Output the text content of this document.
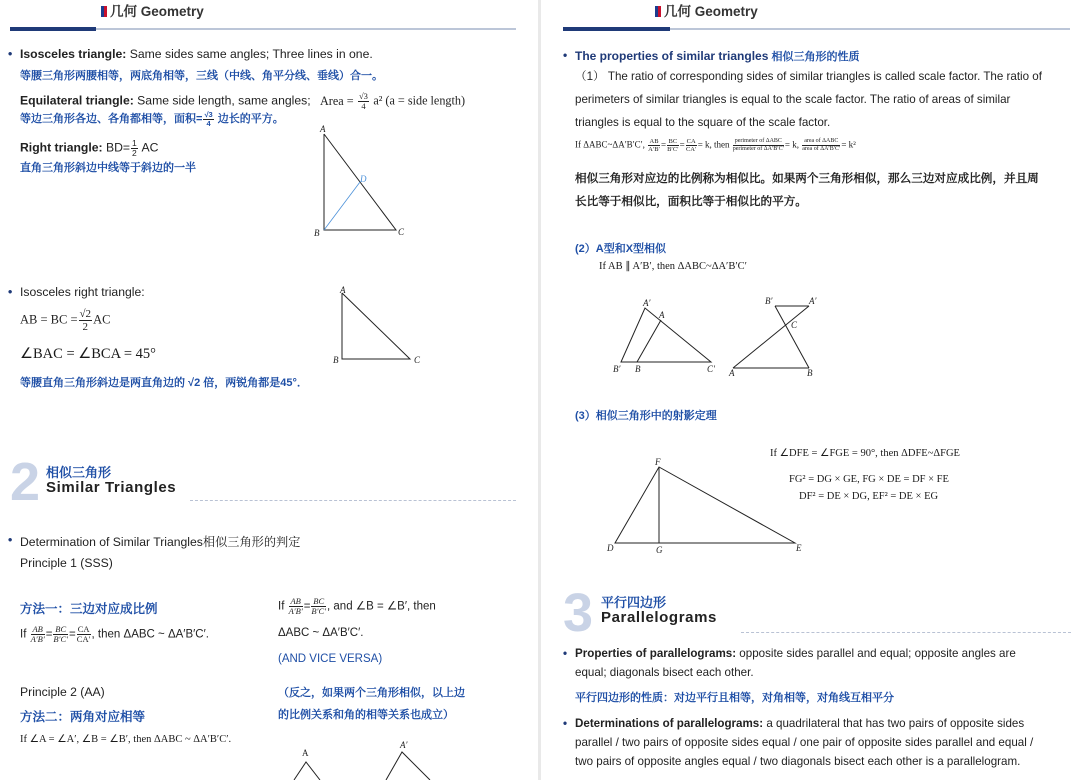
几何 Geometry
• Isosceles triangle: Same sides same angles; Three lines in one.
等腰三角形两腰相等，两底角相等，三线（中线、角平分线、垂线）合一。
Equilateral triangle: Same side length, same angles; Area = $\frac{√3}{4} a^2$ (a = side length)
等边三角形各边、各角都相等，面积= $\frac{√3}{4}$ 边长的平方。
Right triangle: $BD= \frac{1}{2}$ AC
直角三角形斜边中线等于斜边的一半
A
B	C
D
• Isosceles right triangle:
AB = BC = $\frac{√2}{2}$ AC
∠BAC = ∠BCA = 45°
等腰直角三角形斜边是两直角边的 √2 倍，两锐角都是45°．
A
B	C
2 相似三角形
Similar Triangles
• Determination of Similar Triangles相似三角形的判定
Principle 1 (SSS)
方法一：三边对应成比例
If $\frac{AB}{A'B'} = \frac{BC}{B'C'} = \frac{CA}{CA'}$ , then ΔABC ~ ΔA′B′C′.
If $\frac{AB}{A'B'} = \frac{BC}{B'C'}$ , and ∠B = ∠B′, then
ΔABC ~ ΔA′B′C′.
(AND VICE VERSA)
（反之，如果两个三角形相似，以上边
的比例关系和角的相等关系也成立）
Principle 2 (AA)
方法二：两角对应相等
If ∠A = ∠A′, ∠B = ∠B′, then ΔABC ~ ΔA′B′C′.
A
A′
几何 Geometry
• The properties of similar triangles 相似三角形的性质
（1） The ratio of corresponding sides of similar triangles is called scale factor. The ratio of perimeters of similar triangles is equal to the scale factor. The ratio of areas of similar triangles is equal to the square of the scale factor.
If ΔABC~ΔA′B′C′, $\frac{AB}{A'B'} = \frac{BC}{B'C'} = \frac{CA}{CA'} = k$, then $\frac{\text{perimeter of ΔABC}}{\text{perimeter of ΔA′B′C′}} = k$, $\frac{\text{area of ΔABC}}{\text{area of ΔA′B′C′}} = k^2$
相似三角形对应边的比例称为相似比。如果两个三角形相似，那么三边对应成比例，并且周长比等于相似比，面积比等于相似比的平方。
(2）A型和X型相似
If AB ∥ A′B′, then ΔABC~ΔA′B′C′
A′
A
B′ B	C′
B′	A′
C
A	B
(3）相似三角形中的射影定理
If ∠DFE = ∠FGE = 90°, then ΔDFE~ΔFGE
FG² = DG × GE, FG × DE = DF × FE
DF² = DE × DG, EF² = DE × EG
F
D	G	E
3 平行四边形
Parallelograms
• Properties of parallelograms: opposite sides parallel and equal; opposite angles are equal; diagonals bisect each other.
平行四边形的性质：对边平行且相等，对角相等，对角线互相平分
• Determinations of parallelograms: a quadrilateral that has two pairs of opposite sides parallel / two pairs of opposite sides equal / one pair of opposite sides parallel and equal / two pairs of opposite angles equal / two diagonals bisect each other is a parallelogram.
